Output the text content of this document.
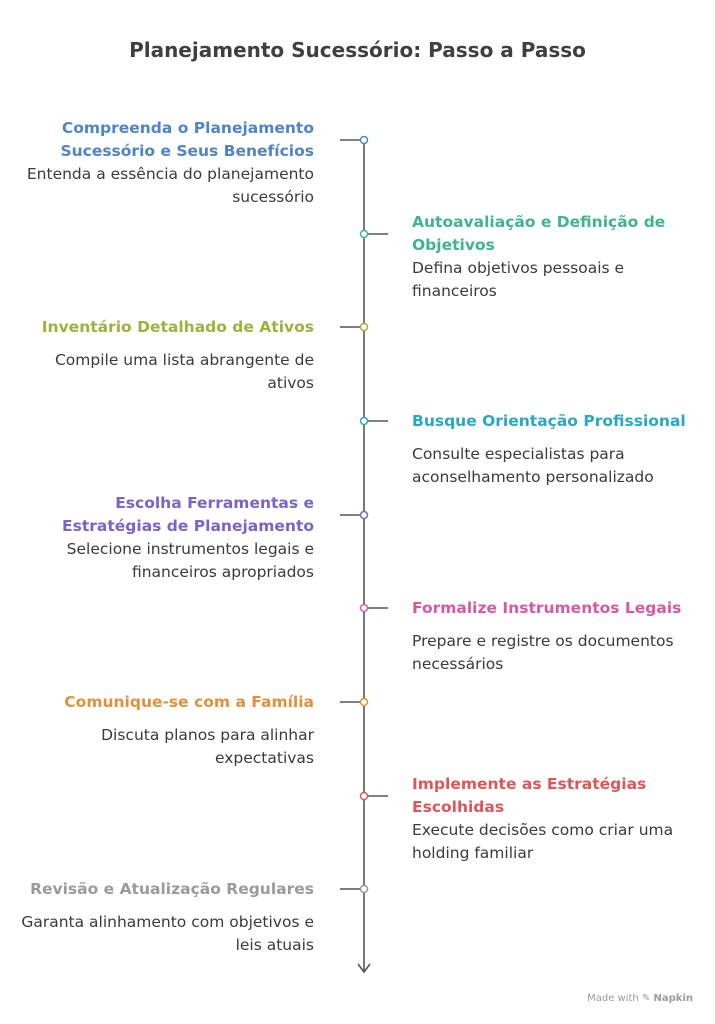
Planejamento Sucessório: Passo a Passo

Compreenda o Planejamento Sucessório e Seus Benefícios

Entenda a essência do planejamento sucessório

Autoavaliação e Definição de Objetivos

Defina objetivos pessoais e financeiros

Inventário Detalhado de Ativos

Compile uma lista abrangente de ativos

Busque Orientação Profissional

Consulte especialistas para aconselhamento personalizado

Escolha Ferramentas e Estratégias de Planejamento

Selecione instrumentos legais e financeiros apropriados

Formalize Instrumentos Legais

Prepare e registre os documentos necessários

Comunique-se com a Família

Discuta planos para alinhar expectativas

Implemente as Estratégias Escolhidas

Execute decisões como criar uma holding familiar

Revisão e Atualização Regulares

Garanta alinhamento com objetivos e leis atuais

Made with ✎ Napkin
